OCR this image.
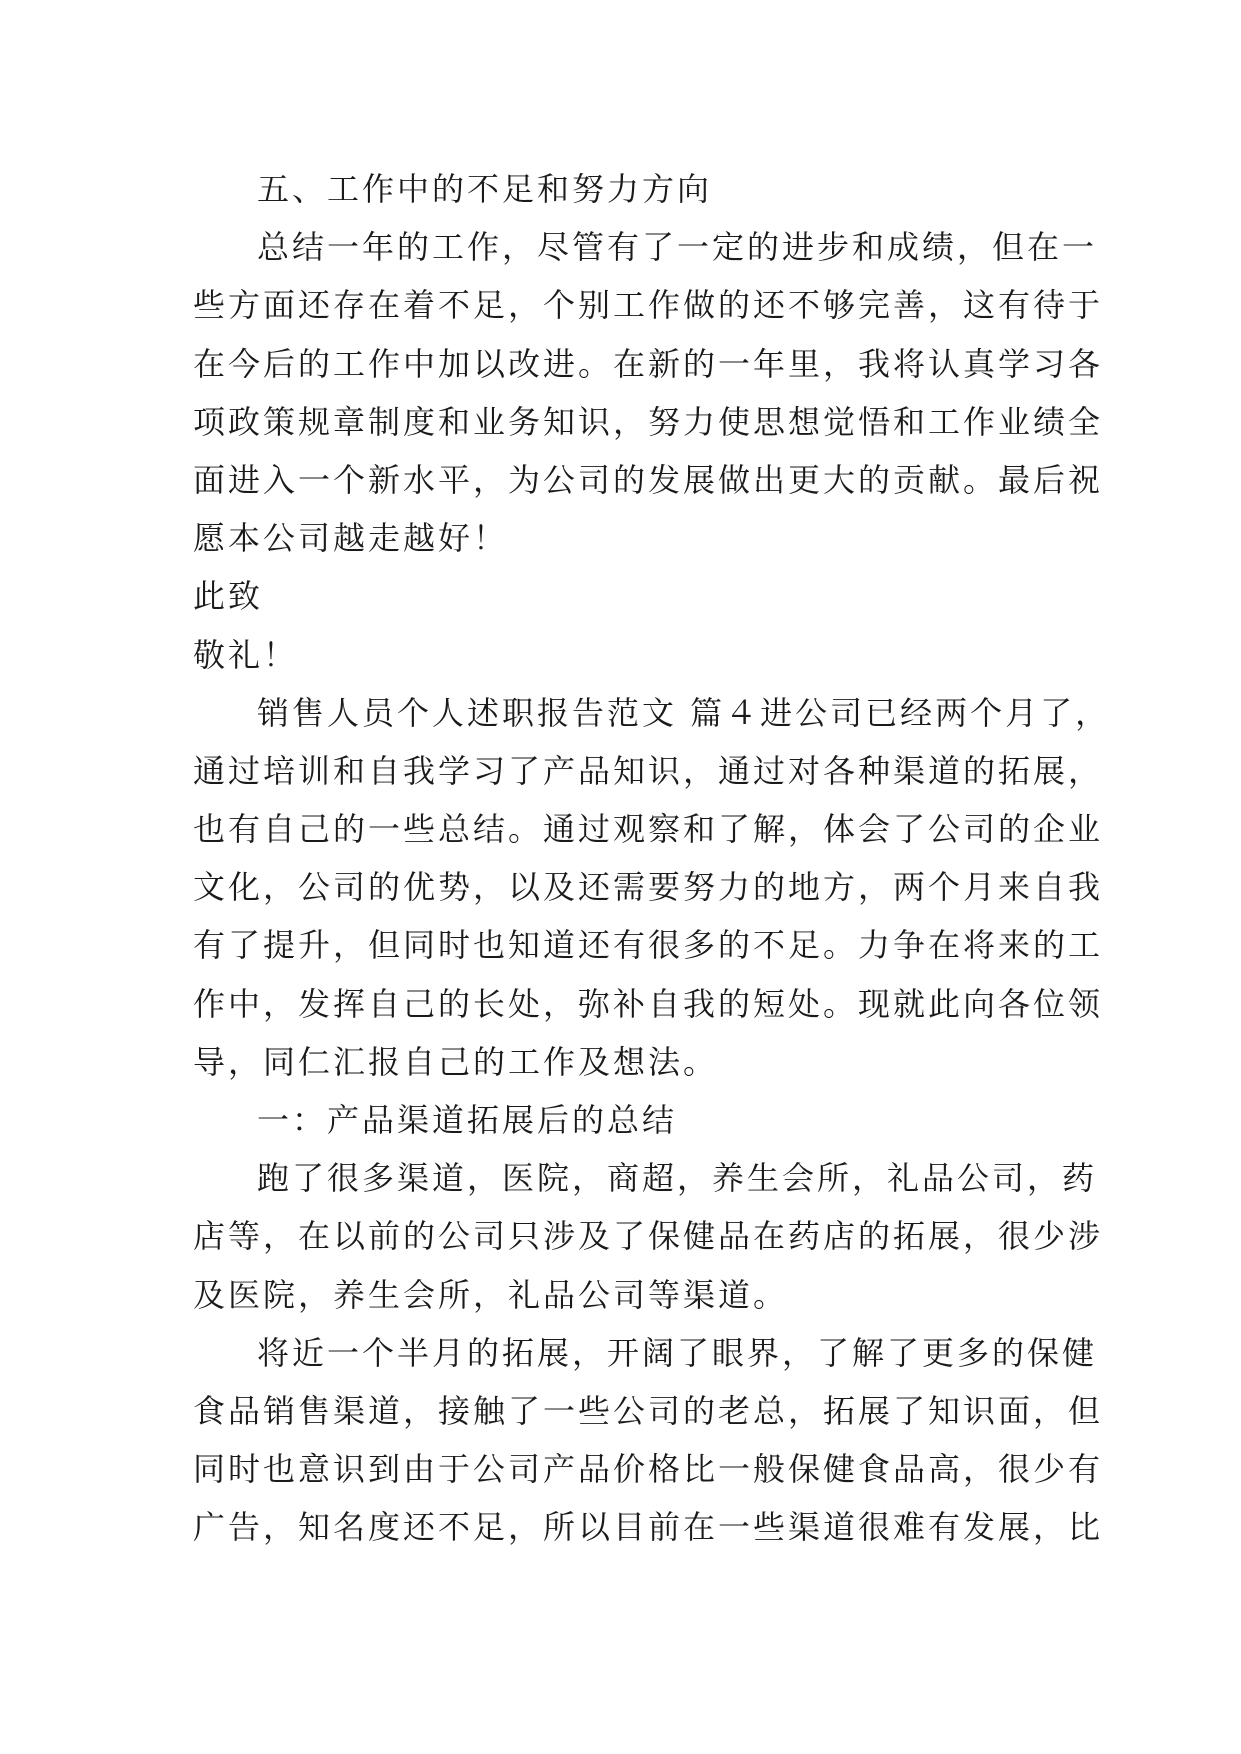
五、工作中的不足和努力方向
总结一年的工作，尽管有了一定的进步和成绩，但在一
些方面还存在着不足，个别工作做的还不够完善，这有待于
在今后的工作中加以改进。在新的一年里，我将认真学习各
项政策规章制度和业务知识，努力使思想觉悟和工作业绩全
面进入一个新水平，为公司的发展做出更大的贡献。最后祝
愿本公司越走越好！
此致
敬礼！
销售人员个人述职报告范文 篇４进公司已经两个月了，
通过培训和自我学习了产品知识，通过对各种渠道的拓展，
也有自己的一些总结。通过观察和了解，体会了公司的企业
文化，公司的优势，以及还需要努力的地方，两个月来自我
有了提升，但同时也知道还有很多的不足。力争在将来的工
作中，发挥自己的长处，弥补自我的短处。现就此向各位领
导，同仁汇报自己的工作及想法。
一：产品渠道拓展后的总结
跑了很多渠道，医院，商超，养生会所，礼品公司，药
店等，在以前的公司只涉及了保健品在药店的拓展，很少涉
及医院，养生会所，礼品公司等渠道。
将近一个半月的拓展，开阔了眼界，了解了更多的保健
食品销售渠道，接触了一些公司的老总，拓展了知识面，但
同时也意识到由于公司产品价格比一般保健食品高，很少有
广告，知名度还不足，所以目前在一些渠道很难有发展，比
